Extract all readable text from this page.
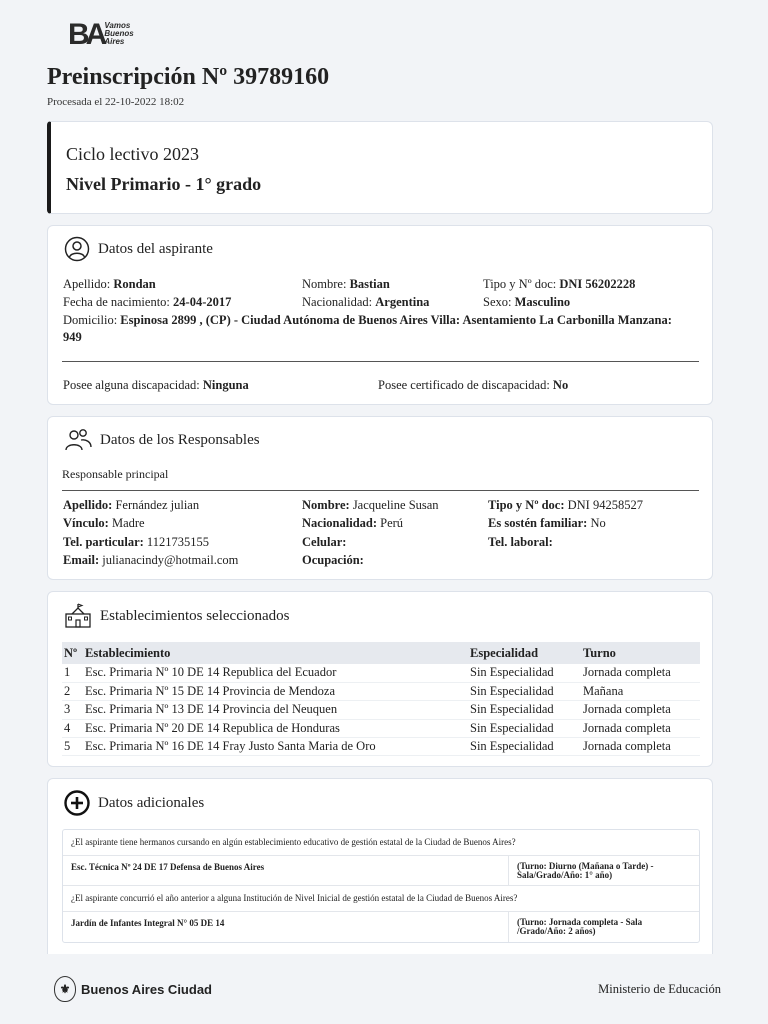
BA Vamos
Buenos
Aires
Preinscripción Nº 39789160
Procesada el 22-10-2022 18:02
Ciclo lectivo 2023
Nivel Primario - 1° grado
Datos del aspirante
Apellido: Rondan	Nombre: Bastian	Tipo y Nº doc: DNI 56202228
Fecha de nacimiento: 24-04-2017	Nacionalidad: Argentina	Sexo: Masculino
Domicilio: Espinosa 2899 , (CP) - Ciudad Autónoma de Buenos Aires Villa: Asentamiento La Carbonilla Manzana:
949
Posee alguna discapacidad: Ninguna	Posee certificado de discapacidad: No
Datos de los Responsables
Responsable principal
Apellido: Fernández julian	Nombre: Jacqueline Susan	Tipo y Nº doc: DNI 94258527
Vínculo: Madre	Nacionalidad: Perú	Es sostén familiar: No
Tel. particular: 1121735155	Celular:	Tel. laboral:
Email: julianacindy@hotmail.com	Ocupación:
Establecimientos seleccionados
Nº	Establecimiento	Especialidad	Turno
1	Esc. Primaria Nº 10 DE 14 Republica del Ecuador	Sin Especialidad	Jornada completa
2	Esc. Primaria Nº 15 DE 14 Provincia de Mendoza	Sin Especialidad	Mañana
3	Esc. Primaria Nº 13 DE 14 Provincia del Neuquen	Sin Especialidad	Jornada completa
4	Esc. Primaria Nº 20 DE 14 Republica de Honduras	Sin Especialidad	Jornada completa
5	Esc. Primaria Nº 16 DE 14 Fray Justo Santa Maria de Oro	Sin Especialidad	Jornada completa
Datos adicionales
¿El aspirante tiene hermanos cursando en algún establecimiento educativo de gestión estatal de la Ciudad de Buenos Aires?
Esc. Técnica Nº 24 DE 17 Defensa de Buenos Aires	(Turno: Diurno (Mañana o Tarde) - Sala/Grado/Año: 1° año)
¿El aspirante concurrió el año anterior a alguna Institución de Nivel Inicial de gestión estatal de la Ciudad de Buenos Aires?
Jardín de Infantes Integral N° 05 DE 14	(Turno: Jornada completa - Sala /Grado/Año: 2 años)
⚜ Buenos Aires Ciudad	Ministerio de Educación
